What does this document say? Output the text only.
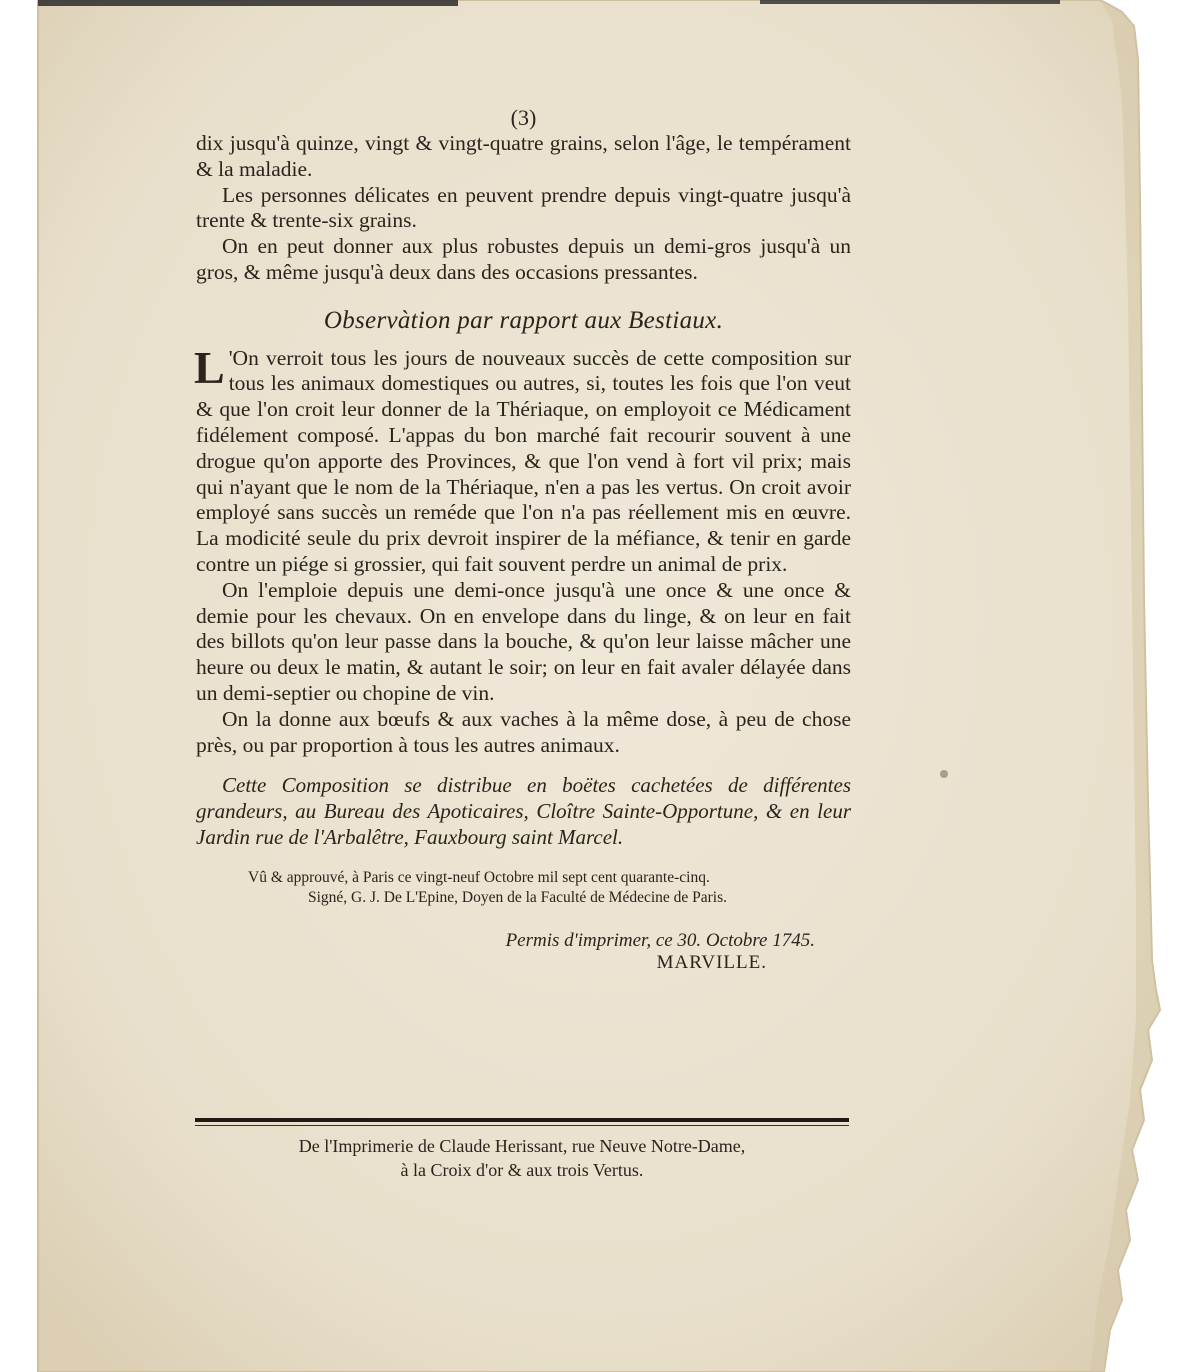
(3)

dix jusqu'à quinze, vingt & vingt-quatre grains, selon l'âge, le tempérament & la maladie.

Les personnes délicates en peuvent prendre depuis vingt-quatre jusqu'à trente & trente-six grains.

On en peut donner aux plus robustes depuis un demi-gros jusqu'à un gros, & même jusqu'à deux dans des occasions pressantes.

Observàtion par rapport aux Bestiaux.

L 'On verroit tous les jours de nouveaux succès de cette composition sur tous les animaux domestiques ou autres, si, toutes les fois que l'on veut & que l'on croit leur donner de la Thériaque, on employoit ce Médicament fidélement composé. L'appas du bon marché fait recourir souvent à une drogue qu'on apporte des Provinces, & que l'on vend à fort vil prix; mais qui n'ayant que le nom de la Thériaque, n'en a pas les vertus. On croit avoir employé sans succès un reméde que l'on n'a pas réellement mis en œuvre. La modicité seule du prix devroit inspirer de la méfiance, & tenir en garde contre un piége si grossier, qui fait souvent perdre un animal de prix.

On l'emploie depuis une demi-once jusqu'à une once & une once & demie pour les chevaux. On en envelope dans du linge, & on leur en fait des billots qu'on leur passe dans la bouche, & qu'on leur laisse mâcher une heure ou deux le matin, & autant le soir; on leur en fait avaler délayée dans un demi-septier ou chopine de vin.

On la donne aux bœufs & aux vaches à la même dose, à peu de chose près, ou par proportion à tous les autres animaux.

Cette Composition se distribue en boëtes cachetées de différentes grandeurs, au Bureau des Apoticaires, Cloître Sainte-Opportune, & en leur Jardin rue de l'Arbalêtre, Fauxbourg saint Marcel.

Vû & approuvé, à Paris ce vingt-neuf Octobre mil sept cent quarante-cinq.
Signé, G. J. De L'Epine, Doyen de la Faculté de Médecine de Paris.
Permis d'imprimer, ce 30. Octobre 1745.
MARVILLE.
De l'Imprimerie de Claude Herissant, rue Neuve Notre-Dame,
à la Croix d'or & aux trois Vertus.
